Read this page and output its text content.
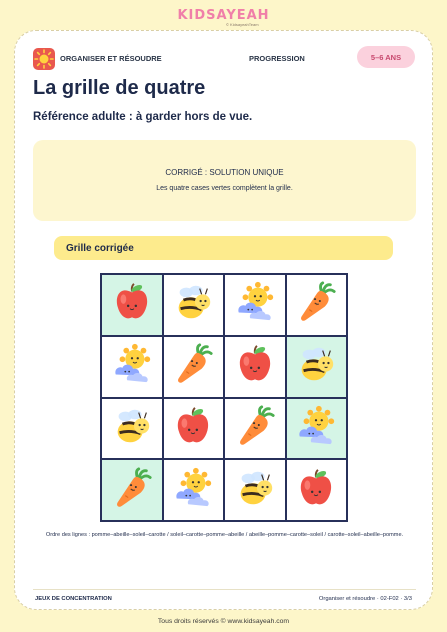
KIDSAYEAH
© KidsayeahTeam
ORGANISER ET RÉSOUDRE	PROGRESSION	5–6 ANS
La grille de quatre
Référence adulte : à garder hors de vue.
CORRIGÉ : SOLUTION UNIQUE
Les quatre cases vertes complètent la grille.
Grille corrigée
Ordre des lignes : pomme–abeille–soleil–carotte / soleil–carotte–pomme–abeille / abeille–pomme–carotte–soleil / carotte–soleil–abeille–pomme.
JEUX DE CONCENTRATION	Organiser et résoudre · 02-F02 · 3/3
Tous droits réservés © www.kidsayeah.com
